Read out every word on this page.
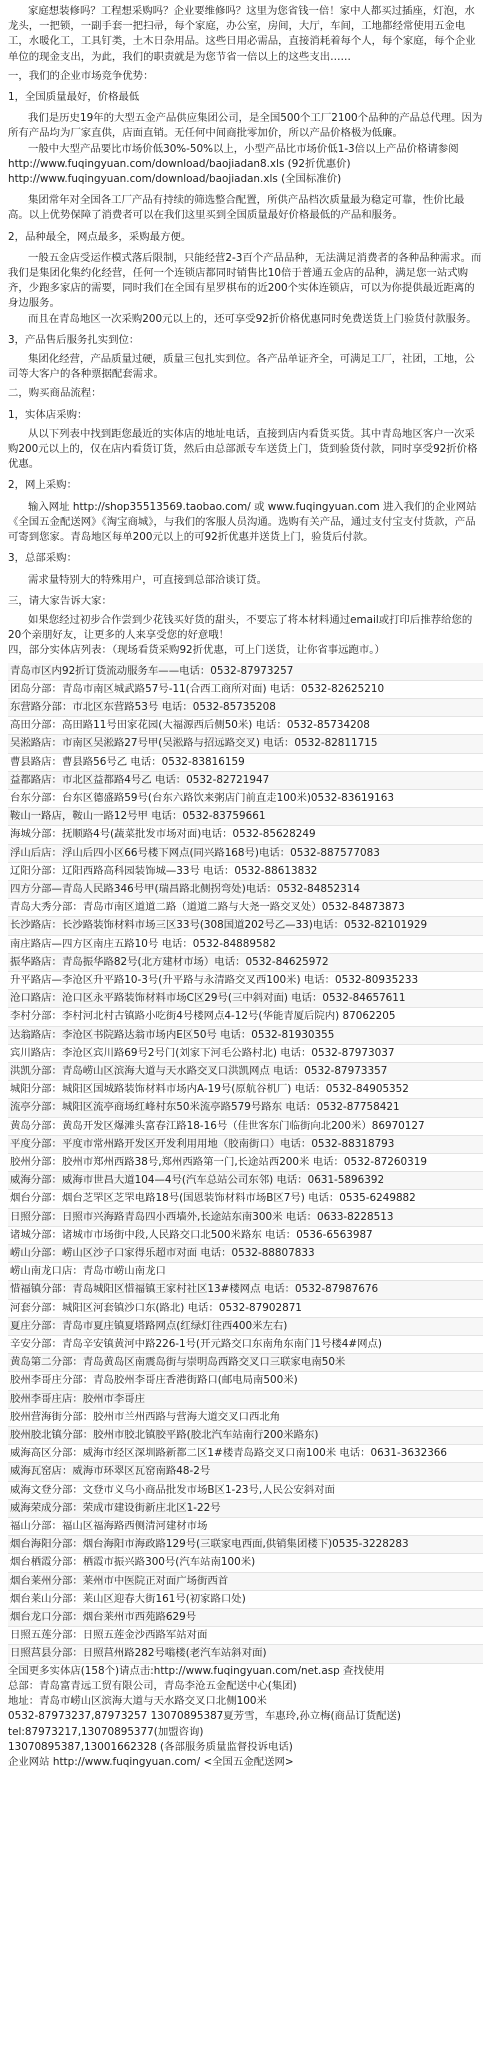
家庭想装修吗？工程想采购吗？企业要维修吗？这里为您省钱一倍！家中人都买过插座，灯泡，水龙头，一把锁，一副手套一把扫帚，每个家庭，办公室，房间，大厅，车间，工地都经常使用五金电工，水暖化工，工具钉类，土木日杂用品。这些日用必需品，直接消耗着每个人，每个家庭，每个企业单位的现金支出，为此，我们的职责就是为您节省一倍以上的这些支出……

一，我们的企业市场竞争优势：

1，全国质量最好，价格最低

我们是历史19年的大型五金产品供应集团公司，是全国500个工厂2100个品种的产品总代理。因为所有产品均为厂家直供，店面直销。无任何中间商批零加价，所以产品价格极为低廉。

一般中大型产品要比市场价低30%-50%以上，小型产品比市场价低1-3倍以上产品价格请参阅

http://www.fuqingyuan.com/download/baojiadan8.xls (92折优惠价)

http://www.fuqingyuan.com/download/baojiadan.xls (全国标准价)

集团常年对全国各工厂产品有持续的筛选整合配置，所供产品档次质量最为稳定可靠，性价比最高。以上优势保障了消费者可以在我们这里买到全国质量最好价格最低的产品和服务。

2，品种最全，网点最多，采购最方便。

一般五金店受运作模式落后限制，只能经营2-3百个产品品种，无法满足消费者的各种品种需求。而我们是集团化集约化经营，任何一个连锁店都同时销售比10倍于普通五金店的品种，满足您一站式购齐，少跑多家店的需要，同时我们在全国有星罗棋布的近200个实体连锁店，可以为你提供最近距离的身边服务。

而且在青岛地区一次采购200元以上的，还可享受92折价格优惠同时免费送货上门验货付款服务。

3，产品售后服务扎实到位：

集团化经营，产品质量过硬，质量三包扎实到位。各产品单证齐全，可满足工厂，社团，工地，公司等大客户的各种票据配套需求。

二，购买商品流程：

1，实体店采购：

从以下列表中找到距您最近的实体店的地址电话，直接到店内看货买货。其中青岛地区客户一次采购200元以上的，仅在店内看货订货，然后由总部派专车送货上门，货到验货付款，同时享受92折价格优惠。

2，网上采购：

输入网址 http://shop35513569.taobao.com/ 或 www.fuqingyuan.com 进入我们的企业网站《全国五金配送网》《淘宝商城》，与我们的客服人员沟通。选购有关产品，通过支付宝支付货款，产品可寄到您家。青岛地区每单200元以上的可92折优惠并送货上门，验货后付款。

3，总部采购：

需求量特别大的特殊用户，可直接到总部洽谈订货。

三，请大家告诉大家：

如果您经过初步合作尝到少花钱买好货的甜头，不要忘了将本材料通过email或打印后推荐给您的20个亲朋好友，让更多的人来享受您的好意哦！

四，部分实体店列表：（现场看货采购92折优惠，可上门送货，让你省事远跑市。）

青岛市区内92折订货流动服务车——电话：0532-87973257
团岛分部：青岛市南区城武路57号-11(合西工商所对面) 电话：0532-82625210
东营路分部：市北区东营路53号 电话：0532-85735208
高田分部：高田路11号田家花园(大福源西后侧50米) 电话：0532-85734208
吴淞路店：市南区吴淞路27号甲(吴淞路与招远路交叉) 电话：0532-82811715
曹县路店：曹县路56号乙 电话：0532-83816159
益都路店：市北区益都路4号乙 电话：0532-82721947
台东分部：台东区德盛路59号(台东六路饮来粥店门前直走100米)0532-83619163
鞍山一路店，鞍山一路12号甲 电话：0532-83759661
海城分部：抚顺路4号(蔬菜批发市场对面)电话：0532-85628249
浮山后店：浮山后四小区66号楼下网点(同兴路168号)电话：0532-887577083
辽阳分部：辽阳西路高科园装饰城—33号 电话：0532-88613832
四方分部—青岛人民路346号甲(瑞昌路北侧拐弯处)电话：0532-84852314
青岛大秀分部：青岛市南区道道二路（道道二路与大尧一路交叉处）0532-84873873
长沙路店：长沙路装饰材料市场三区33号(308国道202号乙—33)电话：0532-82101929
南庄路店—四方区南庄五路10号 电话：0532-84889582
振华路店：青岛振华路82号(北方建材市场）电话：0532-84625972
升平路店—李沧区升平路10-3号(升平路与永清路交叉西100米) 电话：0532-80935233
沧口路店：沧口区永平路装饰材料市场C区29号(三中斜对面) 电话：0532-84657611
李村分部：李村河北村古镇路小吃街4号楼网点4-12号(华能青厦后院内) 87062205
达翁路店：李沧区书院路达翁市场内E区50号 电话：0532-81930355
宾川路店：李沧区宾川路69号2号门(刘家下河毛公路村北) 电话：0532-87973037
洪凯分部：青岛崂山区滨海大道与天水路交叉口洪凯网点 电话：0532-87973357
城阳分部：城阳区国城路装饰材料市场内A-19号(原航谷机厂) 电话：0532-84905352
流亭分部：城阳区流亭商场红峰村东50米流亭路579号路东 电话：0532-87758421
黄岛分部：黄岛开发区爆滩头富春江路18-16号（佳世客东门临街向北200米）86970127
平度分部：平度市常州路开发区开发利用用地（胶南街口）电话：0532-88318793
胶州分部：胶州市郑州西路38号,郑州西路第一门,长途站西200米 电话：0532-87260319
威海分部：威海市世昌大道104—4号(汽车总站公司东邻) 电话：0631-5896392
烟台分部：烟台芝罘区芝罘电路18号(国恩装饰材料市场B区7号) 电话：0535-6249882
日照分部：日照市兴海路青岛四小西墙外,长途站东南300米 电话：0633-8228513
诸城分部：诸城市市场街中段,人民路交口北500米路东 电话：0536-6563987
崂山分部：崂山区沙子口家得乐超市对面 电话：0532-88807833
崂山南龙口店：青岛市崂山南龙口
惜福镇分部：青岛城阳区惜福镇王家村社区13#楼网点 电话：0532-87987676
河套分部：城阳区河套镇沙口东(路北) 电话：0532-87902871
夏庄分部：青岛市夏庄镇夏塔路网点(红绿灯往西400米左右)
辛安分部：青岛辛安镇黄河中路226-1号(开元路交口东南角东南门1号楼4#网点)
黄岛第二分部：青岛黄岛区南震岛街与崇明岛西路交叉口三联家电南50米
胶州李哥庄分部：青岛胶州李哥庄香港街路口(邮电局南500米)
胶州李哥庄店：胶州市李哥庄
胶州营海街分部：胶州市兰州西路与营海大道交叉口西北角
胶州胶北镇分部：胶州市胶北镇胶平路(胶北汽车站南行200米路东)
威海高区分部：威海市经区深圳路新都二区1#楼青岛路交叉口南100米 电话：0631-3632366
威海瓦窑店：威海市环翠区瓦窑南路48-2号
威海文登分部：文登市义乌小商品批发市场B区1-23号,人民公安斜对面
威海荣成分部：荣成市建设街新庄北区1-22号
福山分部：福山区福海路西侧清河建材市场
烟台海阳分部：烟台海阳市海政路129号(三联家电西面,供销集团楼下)0535-3228283
烟台栖霞分部：栖霞市振兴路300号(汽车站南100米)
烟台莱州分部：莱州市中医院正对面广场街西首
烟台莱山分部：莱山区迎春大街161号(初家路口处)
烟台龙口分部：烟台莱州市西苑路629号
日照五莲分部：日照五莲金沙西路军站对面
日照莒县分部：日照莒州路282号嗡楼(老汽车站斜对面)

全国更多实体店(158个)请点击:http://www.fuqingyuan.com/net.asp 查找使用

总部：青岛富青远工贸有限公司，青岛李沧五金配送中心(集团)

地址：青岛市崂山区滨海大道与天水路交叉口北侧100米

0532-87973237,87973257 13070895387夏芳雪，车惠玲,孙立梅(商品订货配送)

tel:87973217,13070895377(加盟咨询)

13070895387,13001662328 (各部服务质量监督投诉电话)

企业网站 http://www.fuqingyuan.com/ <全国五金配送网>
